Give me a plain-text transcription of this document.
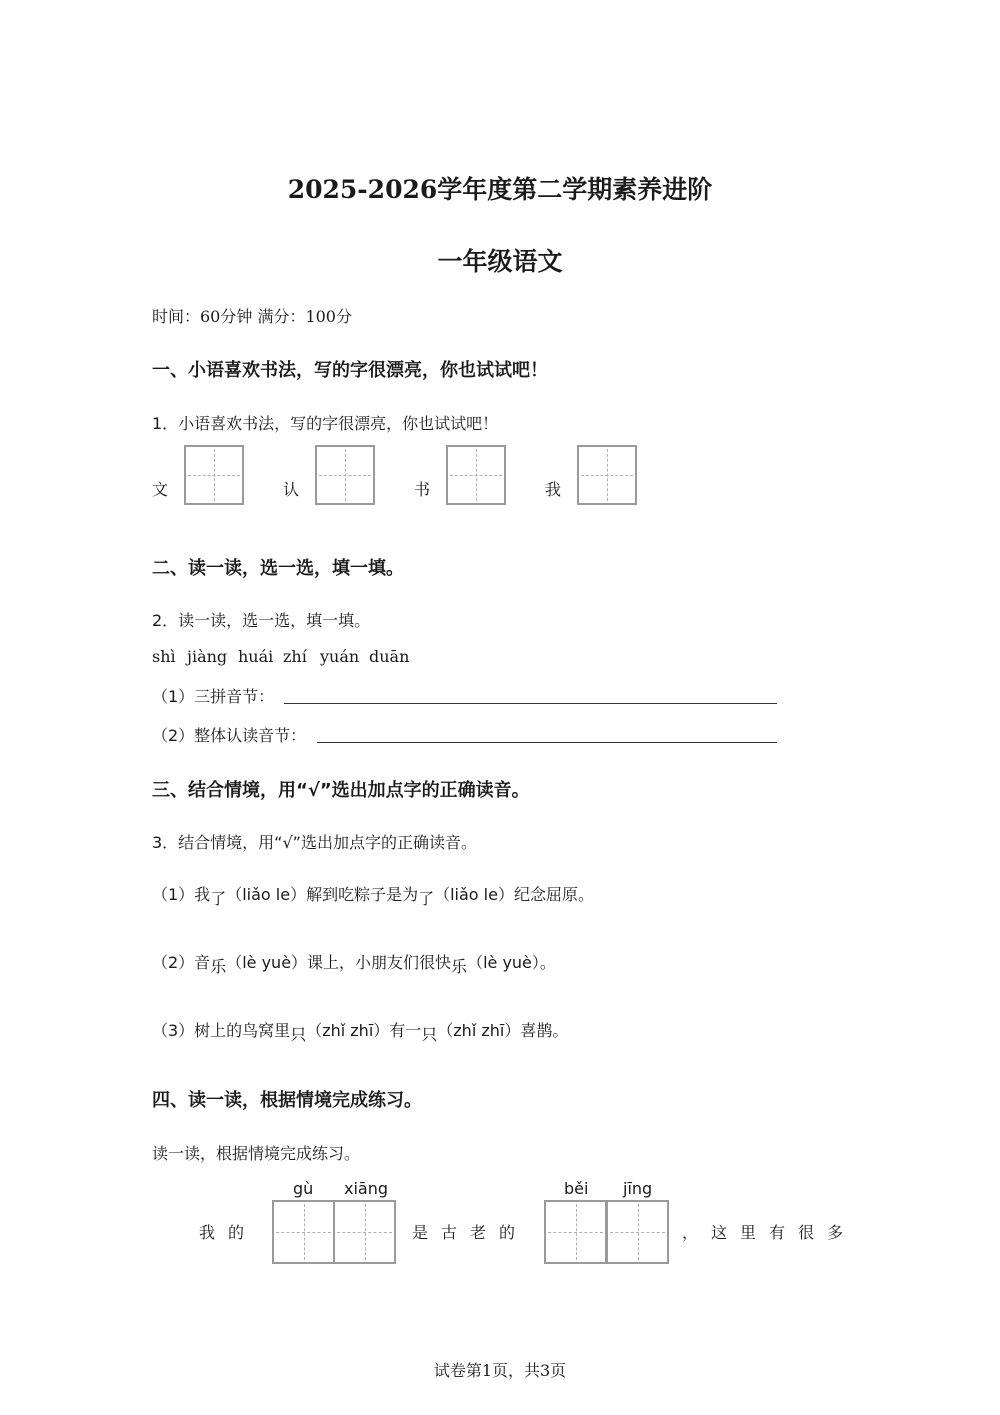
2025-2026学年度第二学期素养进阶
一年级语文
时间：60分钟 满分：100分
一、小语喜欢书法，写的字很漂亮，你也试试吧！
1．小语喜欢书法，写的字很漂亮，你也试试吧！
文	认	书	我
二、读一读，选一选，填一填。
2．读一读，选一选，填一填。
shì jiàng huái zhí yuán duān
（1）三拼音节：
（2）整体认读音节：
三、结合情境，用“√”选出加点字的正确读音。
3．结合情境，用“√”选出加点字的正确读音。
（1）我了（liǎo le）解到吃粽子是为了（liǎo le）纪念屈原。
（2）音乐（lè yuè）课上，小朋友们很快乐（lè yuè）。
（3）树上的鸟窝里只（zhǐ zhī）有一只（zhǐ zhī）喜鹊。
四、读一读，根据情境完成练习。
读一读，根据情境完成练习。
gù xiāng	běi jīng
我的	是古老的	，这里有很多
试卷第1页，共3页
